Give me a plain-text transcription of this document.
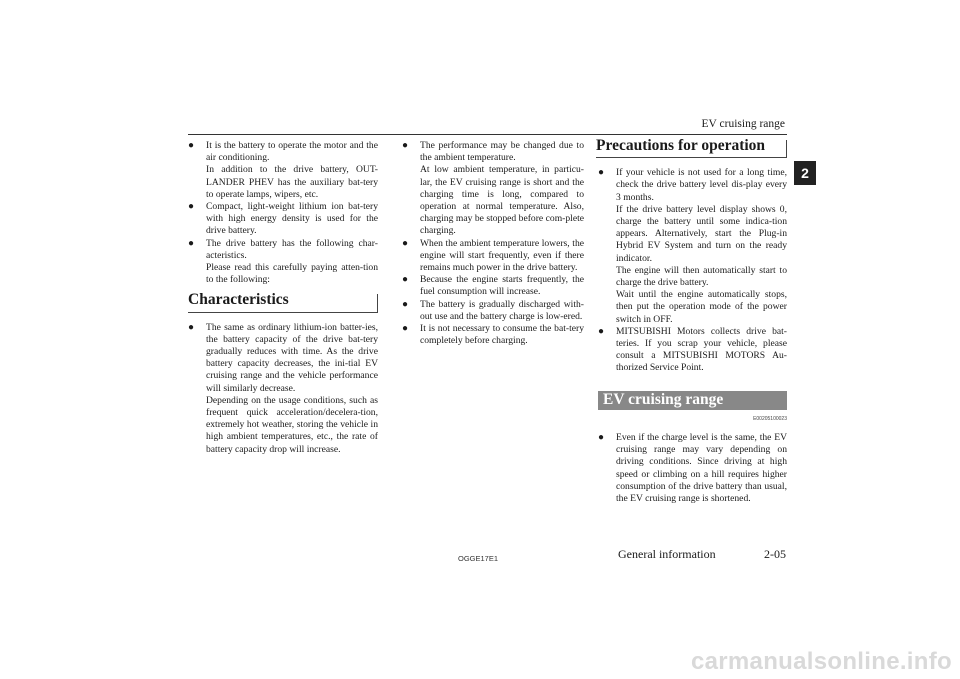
EV cruising range
2
● It is the battery to operate the motor and the air conditioning.

In addition to the drive battery, OUT-LANDER PHEV has the auxiliary bat-tery to operate lamps, wipers, etc.

● Compact, light-weight lithium ion bat-tery with high energy density is used for the drive battery.

● The drive battery has the following char-acteristics.

Please read this carefully paying atten-tion to the following:

Characteristics
● The same as ordinary lithium-ion batter-ies, the battery capacity of the drive bat-tery gradually reduces with time. As the drive battery capacity decreases, the ini-tial EV cruising range and the vehicle performance will similarly decrease.

Depending on the usage conditions, such as frequent quick acceleration/decelera-tion, extremely hot weather, storing the vehicle in high ambient temperatures, etc., the rate of battery capacity drop will increase.

● The performance may be changed due to the ambient temperature.

At low ambient temperature, in particu-lar, the EV cruising range is short and the charging time is long, compared to operation at normal temperature. Also, charging may be stopped before com-plete charging.

● When the ambient temperature lowers, the engine will start frequently, even if there remains much power in the drive battery.

● Because the engine starts frequently, the fuel consumption will increase.

● The battery is gradually discharged with-out use and the battery charge is low-ered.

● It is not necessary to consume the bat-tery completely before charging.

Precautions for operation
● If your vehicle is not used for a long time, check the drive battery level dis-play every 3 months.

If the drive battery level display shows 0, charge the battery until some indica-tion appears. Alternatively, start the Plug-in Hybrid EV System and turn on the ready indicator.

The engine will then automatically start to charge the drive battery.

Wait until the engine automatically stops, then put the operation mode of the power switch in OFF.

● MITSUBISHI Motors collects drive bat-teries. If you scrap your vehicle, please consult a MITSUBISHI MOTORS Au-thorized Service Point.

EV cruising range
E00205100023
● Even if the charge level is the same, the EV cruising range may vary depending on driving conditions. Since driving at high speed or climbing on a hill requires higher consumption of the drive battery than usual, the EV cruising range is shortened.

OGGE17E1	General information	2-05
carmanualsonline.info
